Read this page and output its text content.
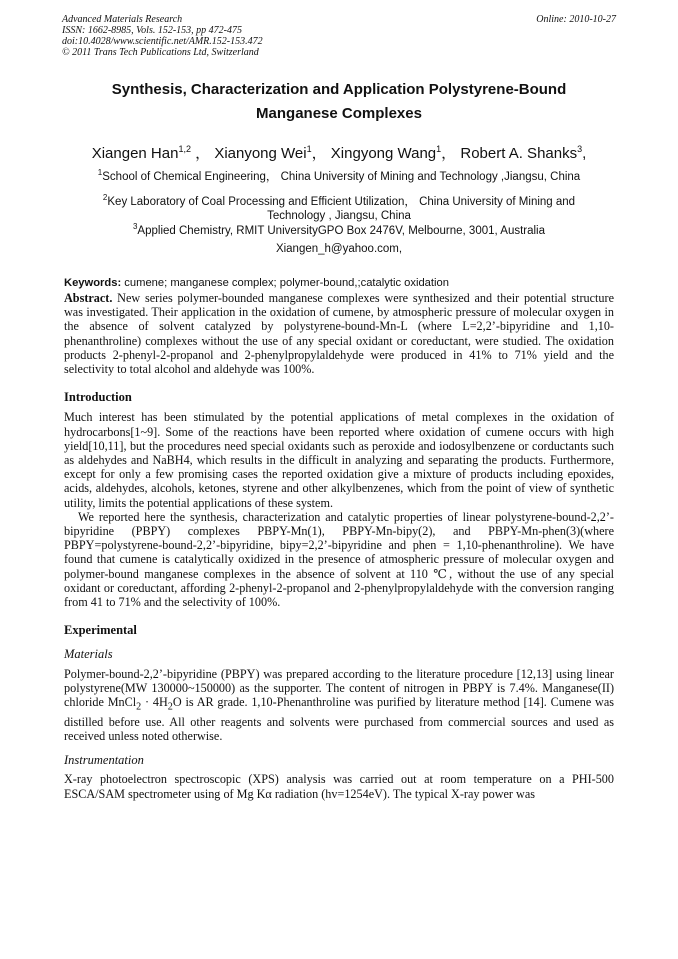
Advanced Materials Research
ISSN: 1662-8985, Vols. 152-153, pp 472-475
doi:10.4028/www.scientific.net/AMR.152-153.472
© 2011 Trans Tech Publications Ltd, Switzerland
Online: 2010-10-27
Synthesis, Characterization and Application Polystyrene-Bound
Manganese Complexes
Xiangen Han$^{1,2}$ ， Xianyong Wei$^1$， Xingyong Wang$^1$， Robert A. Shanks$^3$,
$^1$School of Chemical Engineering， China University of Mining and Technology ,Jiangsu, China
$^2$Key Laboratory of Coal Processing and Efficient Utilization， China University of Mining and
Technology , Jiangsu, China
$^3$Applied Chemistry, RMIT UniversityGPO Box 2476V, Melbourne, 3001, Australia
Xiangen_h@yahoo.com,

Keywords: cumene; manganese complex; polymer-bound,;catalytic oxidation

Abstract. New series polymer-bounded manganese complexes were synthesized and their potential structure was investigated. Their application in the oxidation of cumene, by atmospheric pressure of molecular oxygen in the absence of solvent catalyzed by polystyrene-bound-Mn-L (where L=2,2’-bipyridine and 1,10-phenanthroline) complexes without the use of any special oxidant or coreductant, were studied. The oxidation products 2-phenyl-2-propanol and 2-phenylpropylaldehyde were produced in 41% to 71% yield and the selectivity to total alcohol and aldehyde was 100%.

Introduction

Much interest has been stimulated by the potential applications of metal complexes in the oxidation of hydrocarbons[1~9]. Some of the reactions have been reported where oxidation of cumene occurs with high yield[10,11], but the procedures need special oxidants such as peroxide and iodosylbenzene or corductants such as aldehydes and NaBH4, which results in the difficult in analyzing and separating the products. Furthermore, except for only a few promising cases the reported oxidation give a mixture of products including epoxides, acids, aldehydes, alcohols, ketones, styrene and other alkylbenzenes, which from the point of view of synthetic utility, limits the potential applications of these system.

We reported here the synthesis, characterization and catalytic properties of linear polystyrene-bound-2,2’-bipyridine (PBPY) complexes PBPY-Mn(1), PBPY-Mn-bipy(2), and PBPY-Mn-phen(3)(where PBPY=polystyrene-bound-2,2’-bipyridine, bipy=2,2’-bipyridine and phen = 1,10-phenanthroline). We have found that cumene is catalytically oxidized in the presence of atmospheric pressure of molecular oxygen and polymer-bound manganese complexes in the absence of solvent at 110 ℃, without the use of any special oxidant or coreductant, affording 2-phenyl-2-propanol and 2-phenylpropylaldehyde with the conversion ranging from 41 to 71% and the selectivity of 100%.

Experimental
Materials

Polymer-bound-2,2’-bipyridine (PBPY) was prepared according to the literature procedure [12,13] using linear polystyrene(MW 130000~150000) as the supporter. The content of nitrogen in PBPY is 7.4%. Manganese(II) chloride MnCl$_2$ · $4H_2O$ is AR grade. 1,10-Phenanthroline was purified by literature method [14]. Cumene was distilled before use. All other reagents and solvents were purchased from commercial sources and used as received unless noted otherwise.

Instrumentation

X-ray photoelectron spectroscopic (XPS) analysis was carried out at room temperature on a PHI-500 ESCA/SAM spectrometer using of Mg Kα radiation (hv=1254eV). The typical X-ray power was
